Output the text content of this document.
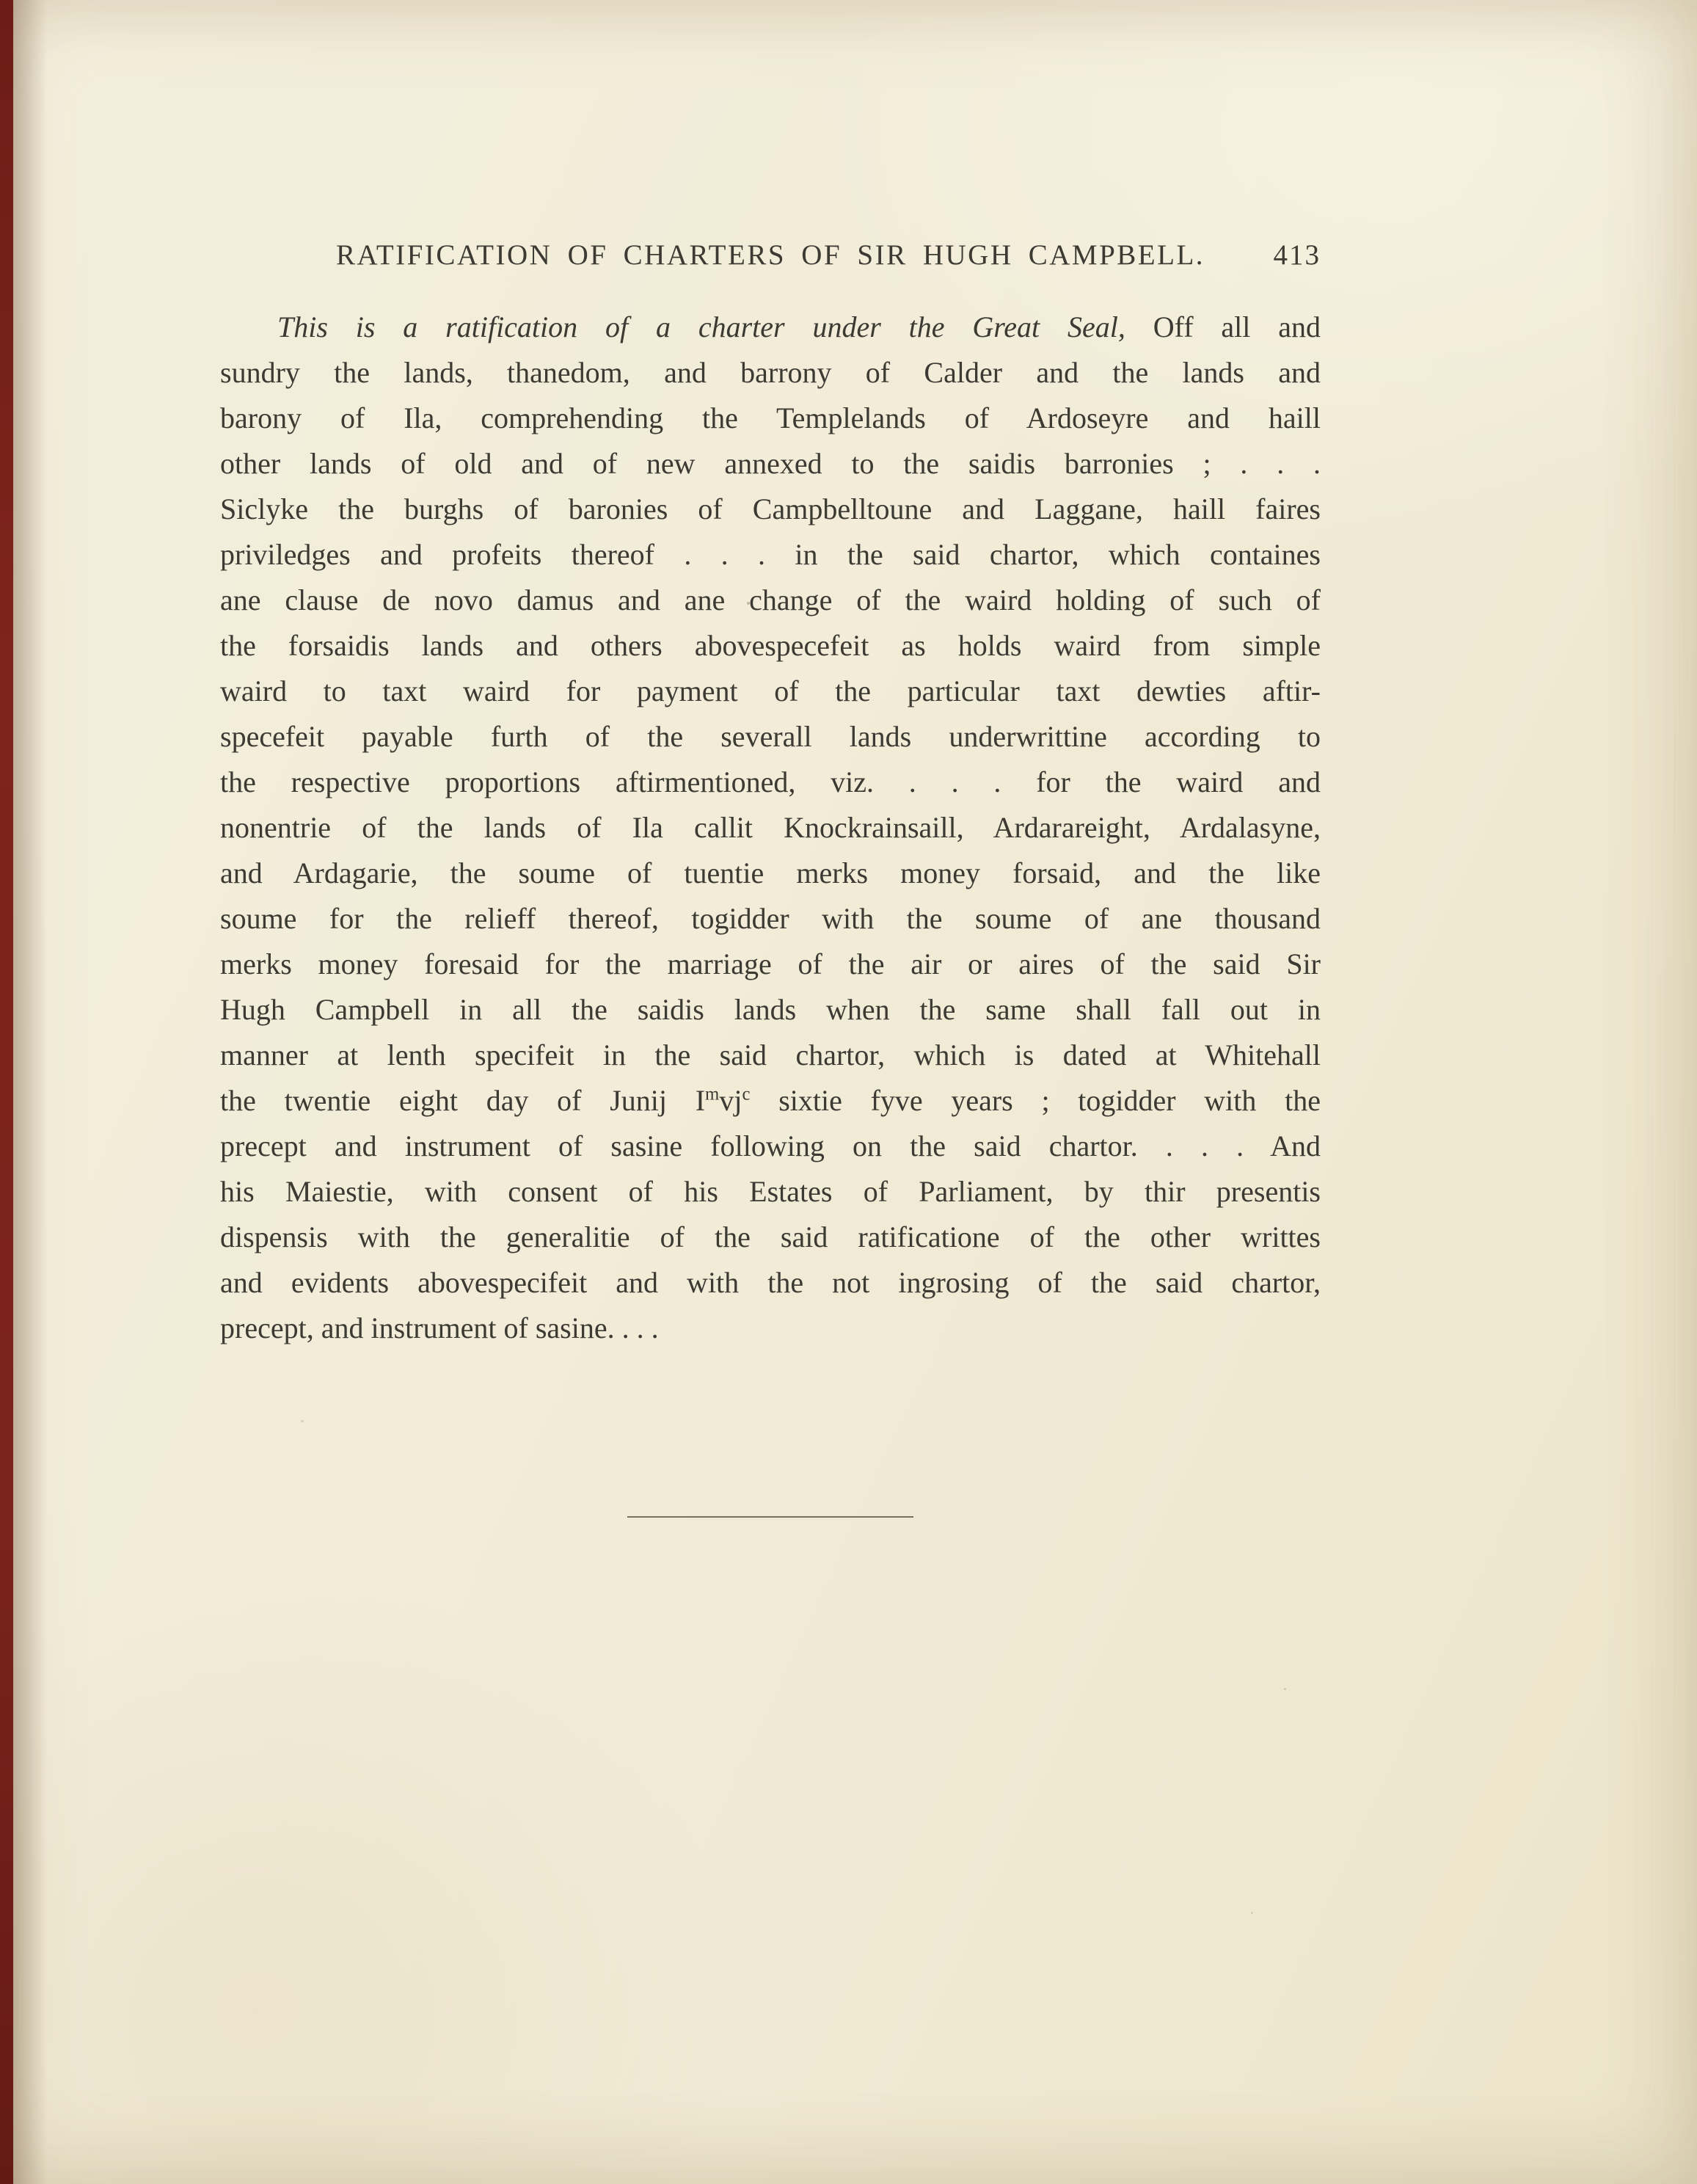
RATIFICATION OF CHARTERS OF SIR HUGH CAMPBELL.	413
This is a ratification of a charter under the Great Seal, Off all and
sundry the lands, thanedom, and barrony of Calder and the lands and
barony of Ila, comprehending the Templelands of Ardoseyre and haill
other lands of old and of new annexed to the saidis barronies ; . . .
Siclyke the burghs of baronies of Campbelltoune and Laggane, haill faires
priviledges and profeits thereof . . . in the said chartor, which containes
ane clause de novo damus and ane change of the waird holding of such of
the forsaidis lands and others abovespecefeit as holds waird from simple
waird to taxt waird for payment of the particular taxt dewties aftir-
specefeit payable furth of the severall lands underwrittine according to
the respective proportions aftirmentioned, viz. . . . for the waird and
nonentrie of the lands of Ila callit Knockrainsaill, Ardarareight, Ardalasyne,
and Ardagarie, the soume of tuentie merks money forsaid, and the like
soume for the relieff thereof, togidder with the soume of ane thousand
merks money foresaid for the marriage of the air or aires of the said Sir
Hugh Campbell in all the saidis lands when the same shall fall out in
manner at lenth specifeit in the said chartor, which is dated at Whitehall
the twentie eight day of Junij $I^mvj^c$ sixtie fyve years ; togidder with the
precept and instrument of sasine following on the said chartor. . . . And
his Maiestie, with consent of his Estates of Parliament, by thir presentis
dispensis with the generalitie of the said ratificatione of the other writtes
and evidents abovespecifeit and with the not ingrosing of the said chartor,
precept, and instrument of sasine. . . .
